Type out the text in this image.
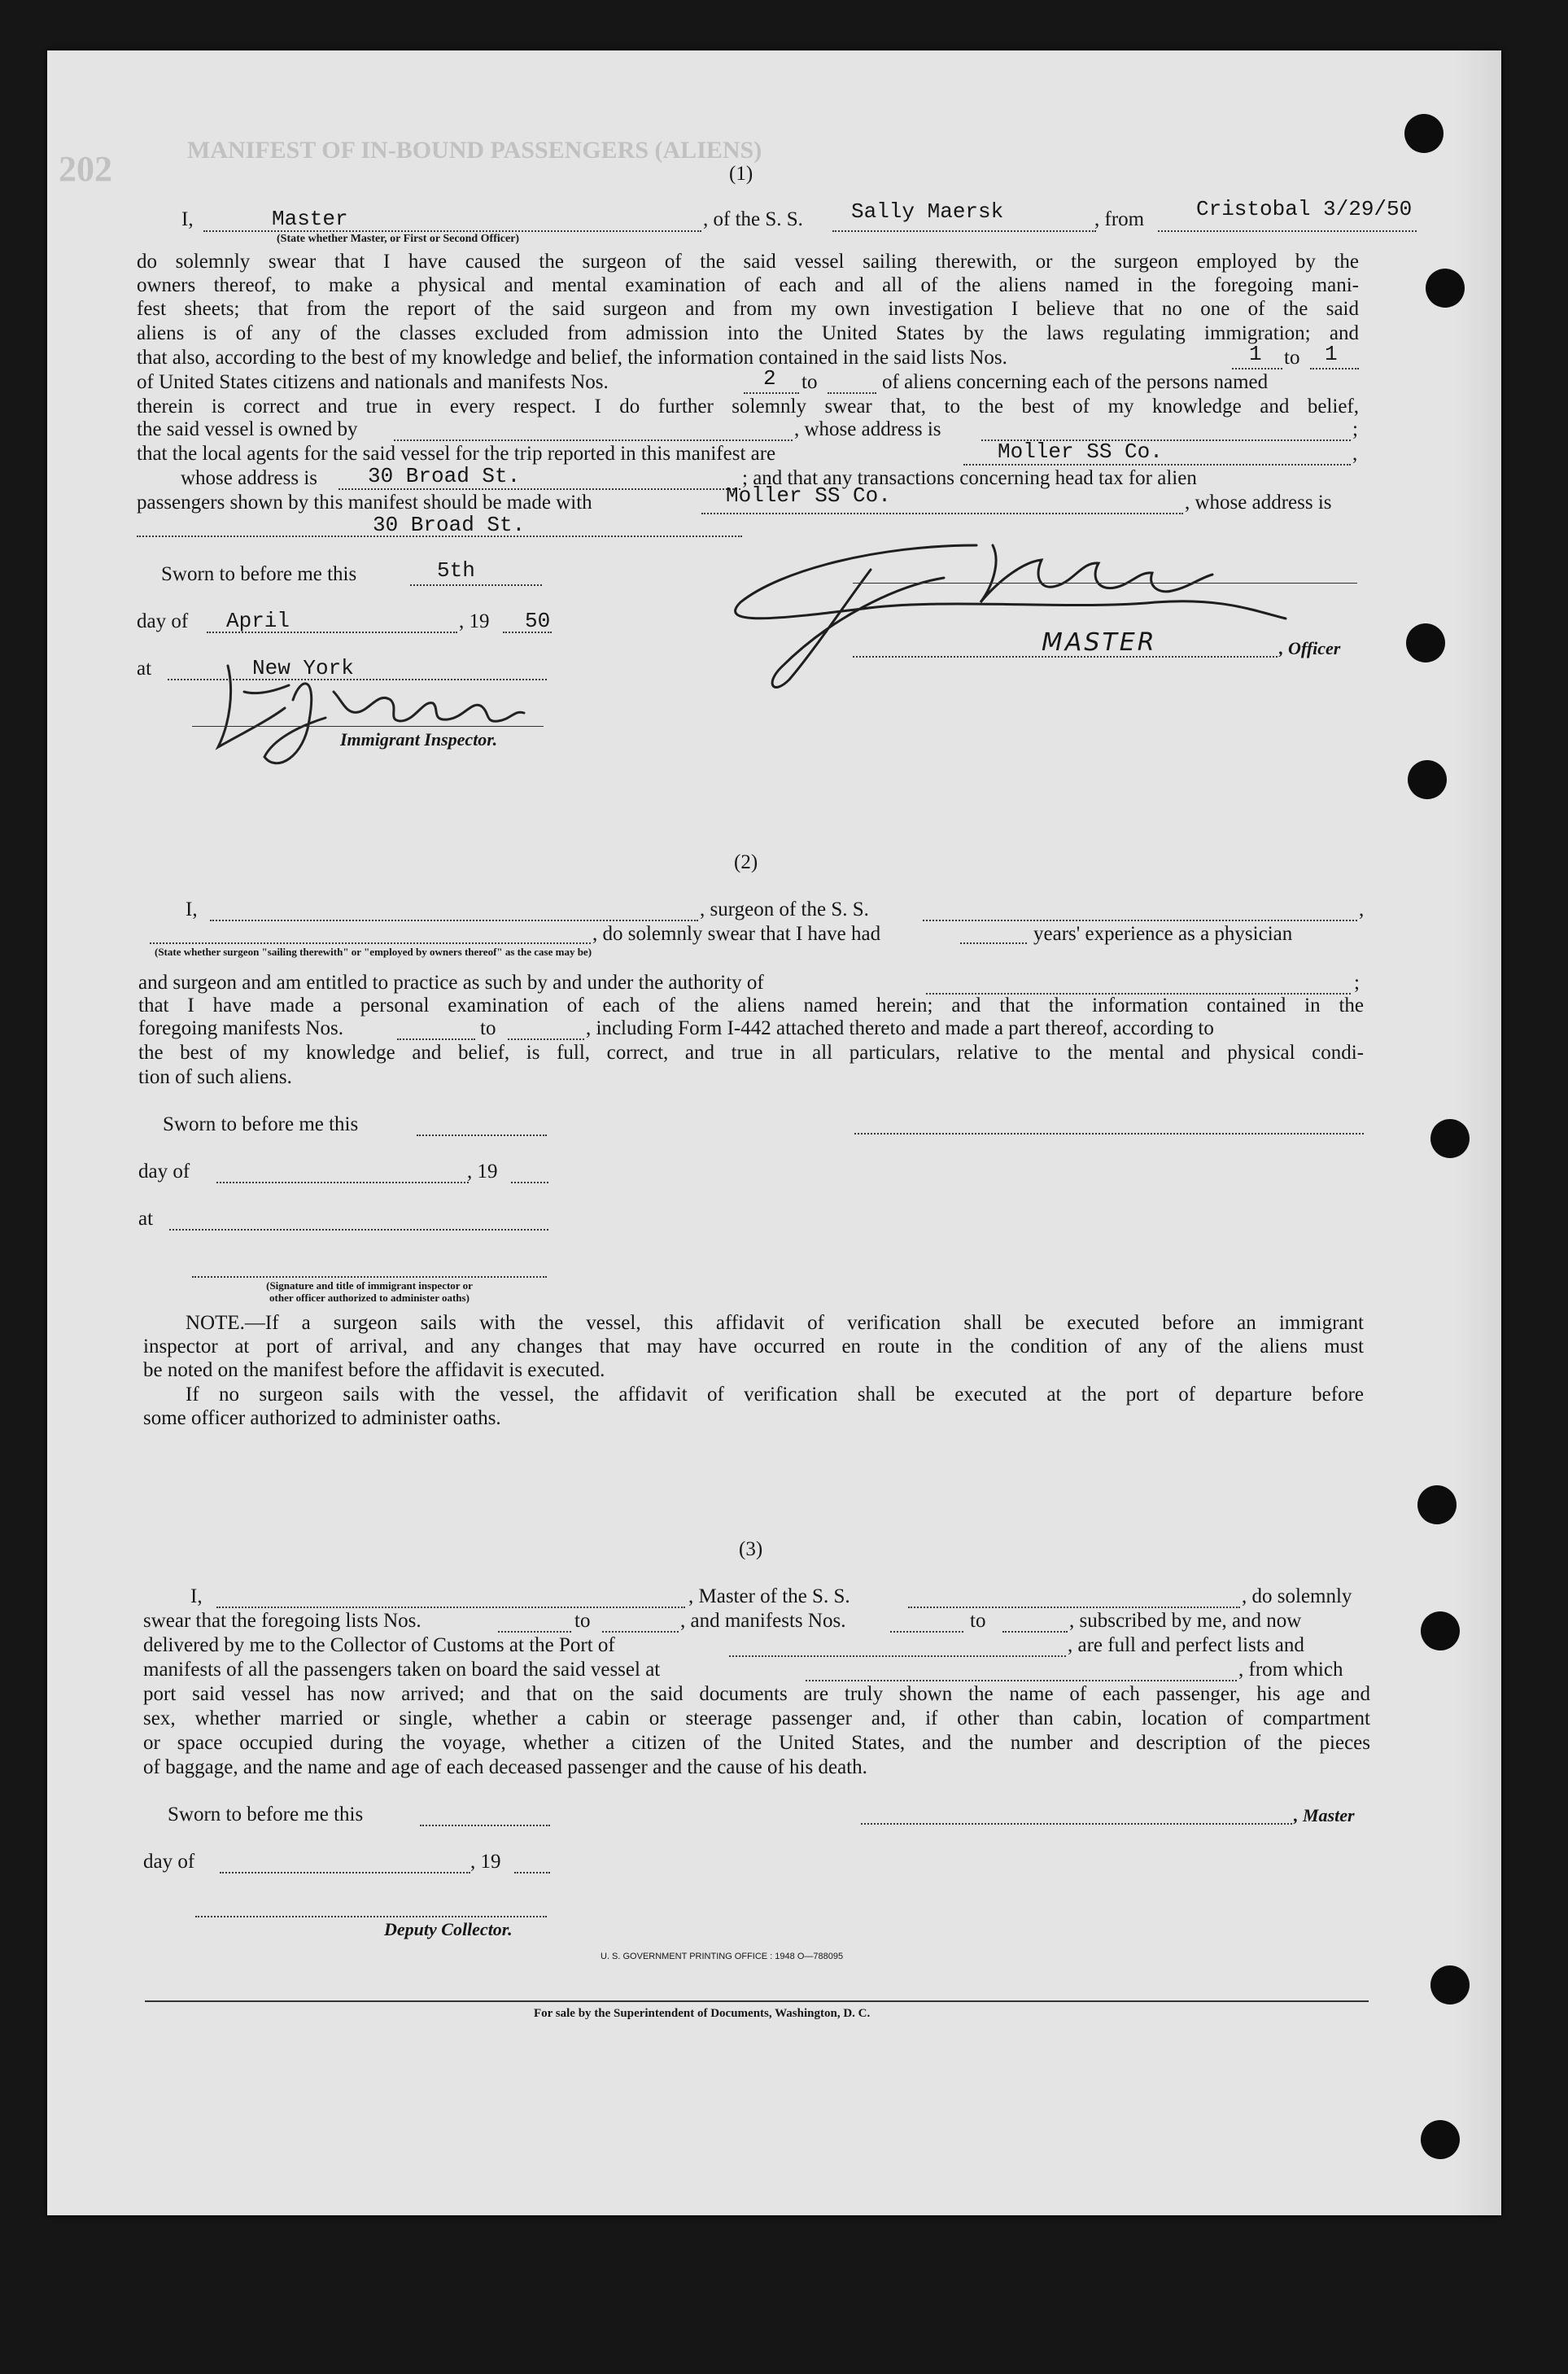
202	MANIFEST OF IN-BOUND PASSENGERS (ALIENS)
(1)
I,	Master
(State whether Master, or First or Second Officer)
, of the S. S. Sally Maersk	, from Cristobal 3/29/50
do solemnly swear that I have caused the surgeon of the said vessel sailing therewith, or the surgeon employed by the
owners thereof, to make a physical and mental examination of each and all of the aliens named in the foregoing mani-
fest sheets; that from the report of the said surgeon and from my own investigation I believe that no one of the said
aliens is of any of the classes excluded from admission into the United States by the laws regulating immigration; and
that also, according to the best of my knowledge and belief, the information contained in the said lists Nos.	1 to 1
of United States citizens and nationals and manifests Nos.	2 to	of aliens concerning each of the persons named
therein is correct and true in every respect. I do further solemnly swear that, to the best of my knowledge and belief,
the said vessel is owned by	, whose address is	;
that the local agents for the said vessel for the trip reported in this manifest are	Moller SS Co.	,
whose address is 30 Broad St.	; and that any transactions concerning head tax for alien
passengers shown by this manifest should be made with	Moller SS Co.	, whose address is
30 Broad St.
Sworn to before me this	5th
day of April	, 19 50
at	New York
Immigrant Inspector.
MASTER	, Officer
(2)
I,	, surgeon of the S. S.	,
, do solemnly swear that I have had	years' experience as a physician
(State whether surgeon "sailing therewith" or "employed by owners thereof" as the case may be)
and surgeon and am entitled to practice as such by and under the authority of	;
that I have made a personal examination of each of the aliens named herein; and that the information contained in the
foregoing manifests Nos.	to	, including Form I-442 attached thereto and made a part thereof, according to
the best of my knowledge and belief, is full, correct, and true in all particulars, relative to the mental and physical condi-
tion of such aliens.
Sworn to before me this
day of	, 19
at
(Signature and title of immigrant inspector or
other officer authorized to administer oaths)
NOTE.—If a surgeon sails with the vessel, this affidavit of verification shall be executed before an immigrant
inspector at port of arrival, and any changes that may have occurred en route in the condition of any of the aliens must
be noted on the manifest before the affidavit is executed.
If no surgeon sails with the vessel, the affidavit of verification shall be executed at the port of departure before
some officer authorized to administer oaths.
(3)
I,	, Master of the S. S.	, do solemnly
swear that the foregoing lists Nos.	to	, and manifests Nos.	to	, subscribed by me, and now
delivered by me to the Collector of Customs at the Port of	, are full and perfect lists and
manifests of all the passengers taken on board the said vessel at	, from which
port said vessel has now arrived; and that on the said documents are truly shown the name of each passenger, his age and
sex, whether married or single, whether a cabin or steerage passenger and, if other than cabin, location of compartment
or space occupied during the voyage, whether a citizen of the United States, and the number and description of the pieces
of baggage, and the name and age of each deceased passenger and the cause of his death.
Sworn to before me this	, Master
day of	, 19
Deputy Collector.
U. S. GOVERNMENT PRINTING OFFICE : 1948 O—788095
For sale by the Superintendent of Documents, Washington, D. C.
